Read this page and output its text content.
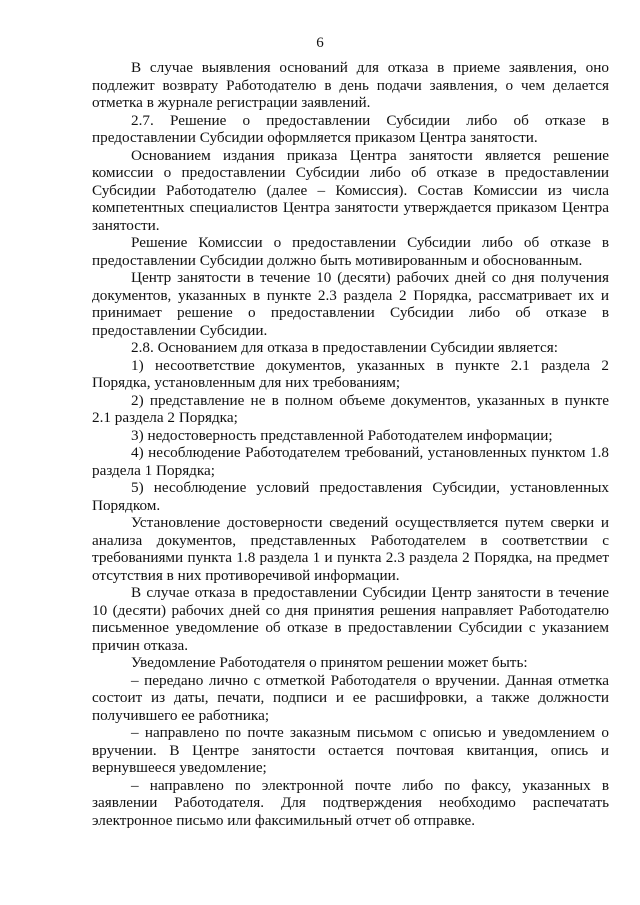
6

В случае выявления оснований для отказа в приеме заявления, оно подлежит возврату Работодателю в день подачи заявления, о чем делается отметка в журнале регистрации заявлений.

2.7. Решение о предоставлении Субсидии либо об отказе в предоставлении Субсидии оформляется приказом Центра занятости.

Основанием издания приказа Центра занятости является решение комиссии о предоставлении Субсидии либо об отказе в предоставлении Субсидии Работодателю (далее – Комиссия). Состав Комиссии из числа компетентных специалистов Центра занятости утверждается приказом Центра занятости.

Решение Комиссии о предоставлении Субсидии либо об отказе в предоставлении Субсидии должно быть мотивированным и обоснованным.

Центр занятости в течение 10 (десяти) рабочих дней со дня получения документов, указанных в пункте 2.3 раздела 2 Порядка, рассматривает их и принимает решение о предоставлении Субсидии либо об отказе в предоставлении Субсидии.

2.8. Основанием для отказа в предоставлении Субсидии является:

1) несоответствие документов, указанных в пункте 2.1 раздела 2 Порядка, установленным для них требованиям;

2) представление не в полном объеме документов, указанных в пункте 2.1 раздела 2 Порядка;

3) недостоверность представленной Работодателем информации;

4) несоблюдение Работодателем требований, установленных пунктом 1.8 раздела 1 Порядка;

5) несоблюдение условий предоставления Субсидии, установленных Порядком.

Установление достоверности сведений осуществляется путем сверки и анализа документов, представленных Работодателем в соответствии с требованиями пункта 1.8 раздела 1 и пункта 2.3 раздела 2 Порядка, на предмет отсутствия в них противоречивой информации.

В случае отказа в предоставлении Субсидии Центр занятости в течение 10 (десяти) рабочих дней со дня принятия решения направляет Работодателю письменное уведомление об отказе в предоставлении Субсидии с указанием причин отказа.

Уведомление Работодателя о принятом решении может быть:

– передано лично с отметкой Работодателя о вручении. Данная отметка состоит из даты, печати, подписи и ее расшифровки, а также должности получившего ее работника;

– направлено по почте заказным письмом с описью и уведомлением о вручении. В Центре занятости остается почтовая квитанция, опись и вернувшееся уведомление;

– направлено по электронной почте либо по факсу, указанных в заявлении Работодателя. Для подтверждения необходимо распечатать электронное письмо или факсимильный отчет об отправке.
